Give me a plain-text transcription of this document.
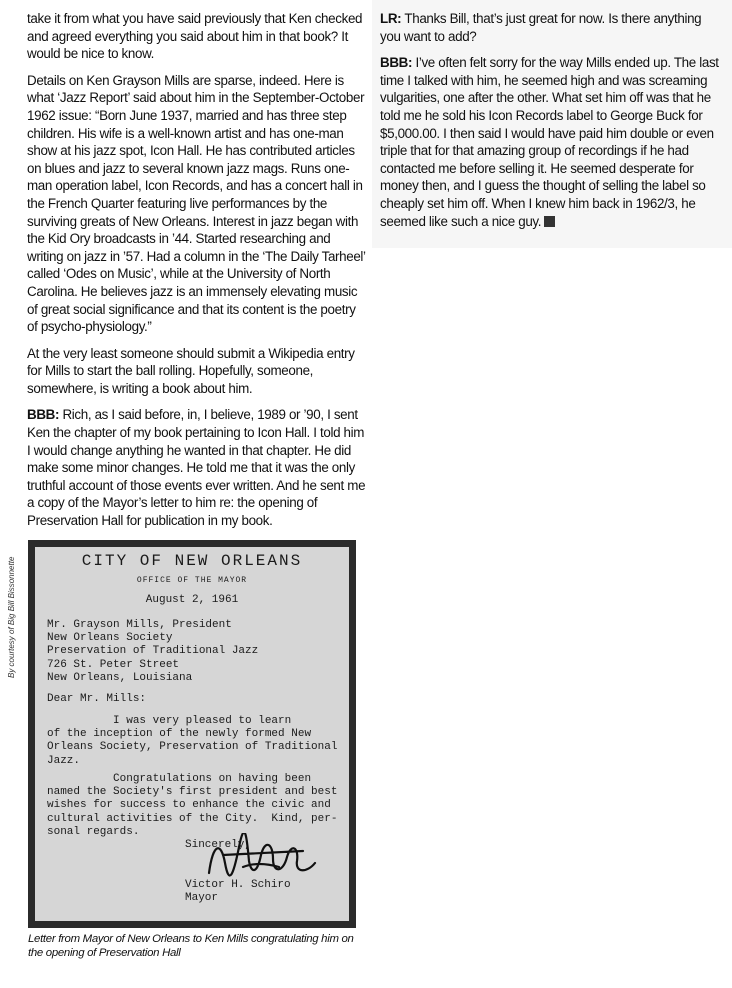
take it from what you have said previously that Ken checked and agreed everything you said about him in that book? It would be nice to know.

Details on Ken Grayson Mills are sparse, indeed. Here is what ‘Jazz Report’ said about him in the September-October 1962 issue: “Born June 1937, married and has three step children. His wife is a well-known artist and has one-man show at his jazz spot, Icon Hall. He has contributed articles on blues and jazz to several known jazz mags. Runs one-man operation label, Icon Records, and has a concert hall in the French Quarter featuring live performances by the surviving greats of New Orleans. Interest in jazz began with the Kid Ory broadcasts in ’44. Started researching and writing on jazz in ’57. Had a column in the ‘The Daily Tarheel’ called ‘Odes on Music’, while at the University of North Carolina. He believes jazz is an immensely elevating music of great social significance and that its content is the poetry of psycho-physiology.”

At the very least someone should submit a Wikipedia entry for Mills to start the ball rolling. Hopefully, someone, somewhere, is writing a book about him.

BBB: Rich, as I said before, in, I believe, 1989 or ’90, I sent Ken the chapter of my book pertaining to Icon Hall. I told him I would change anything he wanted in that chapter. He did make some minor changes. He told me that it was the only truthful account of those events ever written. And he sent me a copy of the Mayor’s letter to him re: the opening of Preservation Hall for publication in my book.

LR: Thanks Bill, that’s just great for now. Is there anything you want to add?

BBB: I’ve often felt sorry for the way Mills ended up. The last time I talked with him, he seemed high and was screaming vulgarities, one after the other. What set him off was that he told me he sold his Icon Records label to George Buck for $5,000.00. I then said I would have paid him double or even triple that for that amazing group of recordings if he had contacted me before selling it. He seemed desperate for money then, and I guess the thought of selling the label so cheaply set him off. When I knew him back in 1962/3, he seemed like such a nice guy.

By courtesy of Big Bill Bissonnette	CITY OF NEW ORLEANS
OFFICE OF THE MAYOR
August 2, 1961
Mr. Grayson Mills, President
New Orleans Society
Preservation of Traditional Jazz
726 St. Peter Street
New Orleans, Louisiana
Dear Mr. Mills:
I was very pleased to learn
of the inception of the newly formed New
Orleans Society, Preservation of Traditional
Jazz.
Congratulations on having been
named the Society's first president and best
wishes for success to enhance the civic and
cultural activities of the City.  Kind, per-
sonal regards.
Sincerely,
Victor H. Schiro
Mayor
Letter from Mayor of New Orleans to Ken Mills congratulating him on the opening of Preservation Hall
